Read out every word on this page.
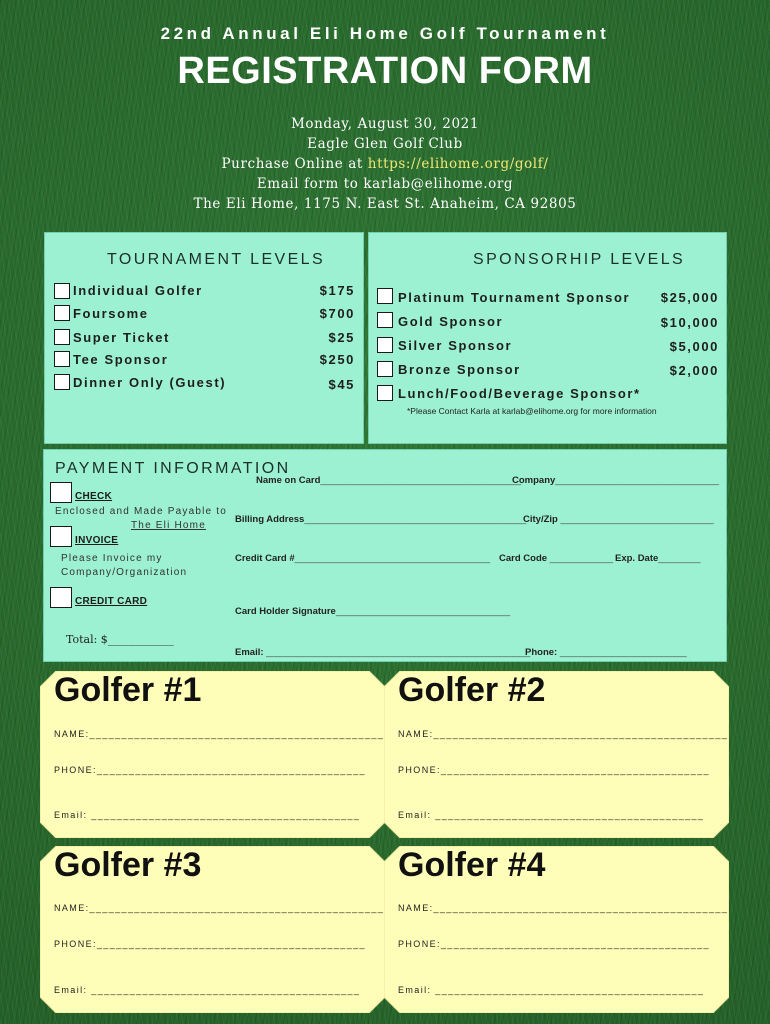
22nd Annual Eli Home Golf Tournament
REGISTRATION FORM
Monday, August 30, 2021
Eagle Glen Golf Club
Purchase Online at https://elihome.org/golf/
Email form to karlab@elihome.org
The Eli Home, 1175 N. East St. Anaheim, CA 92805
TOURNAMENT LEVELS
Individual Golfer	$175
Foursome	$700
Super Ticket	$25
Tee Sponsor	$250
Dinner Only (Guest)	$45
SPONSORHIP LEVELS
Platinum Tournament Sponsor $25,000
Gold Sponsor	$10,000
Silver Sponsor	$5,000
Bronze Sponsor	$2,000
Lunch/Food/Beverage Sponsor*
*Please Contact Karla at karlab@elihome.org for more information
PAYMENT INFORMATION
CHECK
Enclosed and Made Payable to
The Eli Home
INVOICE
Please Invoice my
Company/Organization
CREDIT CARD
Total: $____________
Name on Card______________________________________
Company_______________________________
Billing Address__________________________________________
City/Zip _____________________________
Credit Card #_____________________________________ Card Code ____________ Exp. Date________
Card Holder Signature_________________________________
Email: __________________________________________________
Phone: ________________________
Golfer #1
NAME:______________________________________________
PHONE:__________________________________________
Email: __________________________________________
Golfer #2
NAME:______________________________________________
PHONE:__________________________________________
Email: __________________________________________
Golfer #3
NAME:______________________________________________
PHONE:__________________________________________
Email: __________________________________________
Golfer #4
NAME:______________________________________________
PHONE:__________________________________________
Email: __________________________________________
